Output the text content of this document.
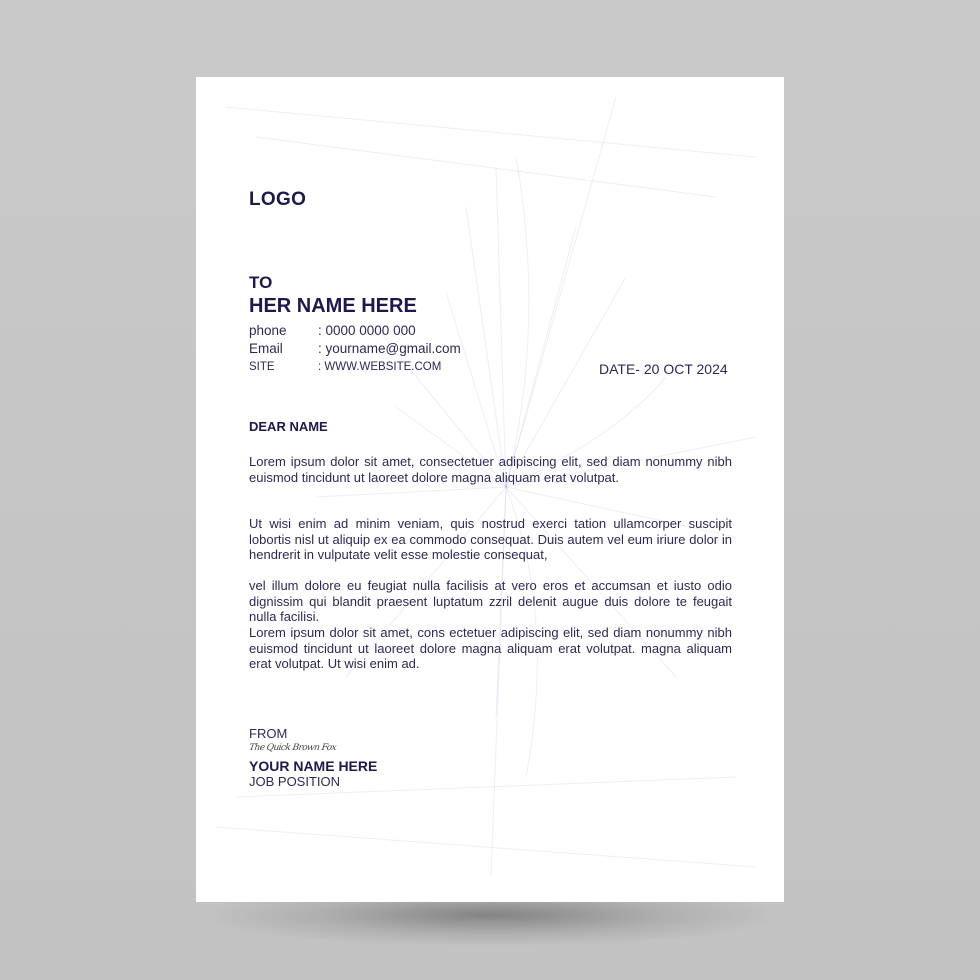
LOGO
TO
HER NAME HERE
phone : 0000 0000 000
Email	: yourname@gmail.com
SITE	: WWW.WEBSITE.COM	DATE- 20 OCT 2024
DEAR NAME
Lorem ipsum dolor sit amet, consectetuer adipiscing elit, sed diam nonummy nibh euismod tincidunt ut laoreet dolore magna aliquam erat volutpat.
Ut wisi enim ad minim veniam, quis nostrud exerci tation ullamcorper suscipit lobortis nisl ut aliquip ex ea commodo consequat. Duis autem vel eum iriure dolor in hendrerit in vulputate velit esse molestie consequat,
vel illum dolore eu feugiat nulla facilisis at vero eros et accumsan et iusto odio dignissim qui blandit praesent luptatum zzril delenit augue duis dolore te feugait nulla facilisi.
Lorem ipsum dolor sit amet, cons ectetuer adipiscing elit, sed diam nonummy nibh euismod tincidunt ut laoreet dolore magna aliquam erat volutpat. magna aliquam erat volutpat. Ut wisi enim ad.
FROM
The Quick Brown Fox
YOUR NAME HERE
JOB POSITION
